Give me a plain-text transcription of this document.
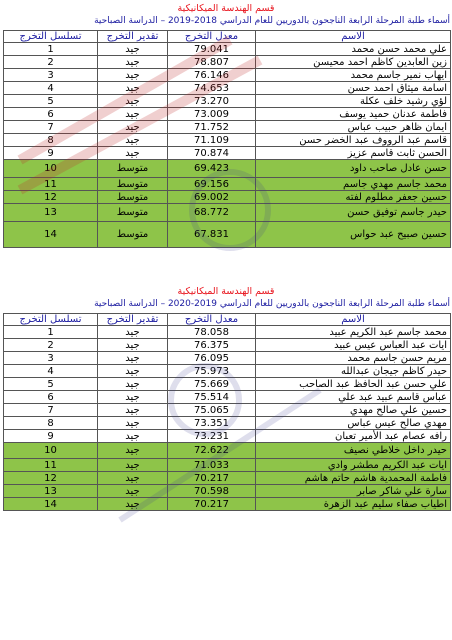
قسم الهندسة الميكانيكية
أسماء طلبة المرحلة الرابعة الناجحون بالدوريين للعام الدراسي 2018-2019 – الدراسة الصباحية
الاسم	معدل التخرج	تقدير التخرج	تسلسل التخرج
علي محمد حسن محمد	79.041	جيد	1
زين العابدين كاظم احمد محيسن	78.807	جيد	2
ايهاب نمير جاسم محمد	76.146	جيد	3
اسامة ميثاق احمد حسن	74.653	جيد	4
لؤي رشيد خلف عكلة	73.270	جيد	5
فاطمة عدنان حميد يوسف	73.009	جيد	6
ايمان ظاهر حبيب عباس	71.752	جيد	7
قاسم عبد الرووف عبد الخضر حسن	71.109	جيد	8
الحسن ثابت قاسم عزيز	70.874	جيد	9
حسن عادل صاحب داود	69.423	متوسط	10
محمد جاسم مهدي جاسم	69.156	متوسط	11
حسين جعفر مطلوم لفته	69.002	متوسط	12
حيدر جاسم توفيق حسن	68.772	متوسط	13
حسين صبيح عبد حواس	67.831	متوسط	14
قسم الهندسة الميكانيكية
أسماء طلبة المرحلة الرابعة الناجحون بالدوريين للعام الدراسي 2019-2020 – الدراسة الصباحية
الاسم	معدل التخرج	تقدير التخرج	تسلسل التخرج
محمد جاسم عبد الكريم عبيد	78.058	جيد	1
ايات عبد العباس عيس عبيد	76.375	جيد	2
مريم حسن جاسم محمد	76.095	جيد	3
حيدر كاظم جيجان عبدالله	75.973	جيد	4
علي حسن عبد الحافظ عبد الصاحب	75.669	جيد	5
عباس قاسم عبيد عبد علي	75.514	جيد	6
حسين علي صالح مهدي	75.065	جيد	7
مهدي صالح عيس عباس	73.351	جيد	8
رافه عصام عبد الأمير تعبان	73.231	جيد	9
حيدر داخل خلاطي نصيف	72.622	جيد	10
ايات عبد الكريم مطشر وادي	71.033	جيد	11
فاطمة المحمدية هاشم حاتم هاشم	70.217	جيد	12
سارة علي شاكر صابر	70.598	جيد	13
اطياب صفاء سليم عبد الزهرة	70.217	جيد	14
